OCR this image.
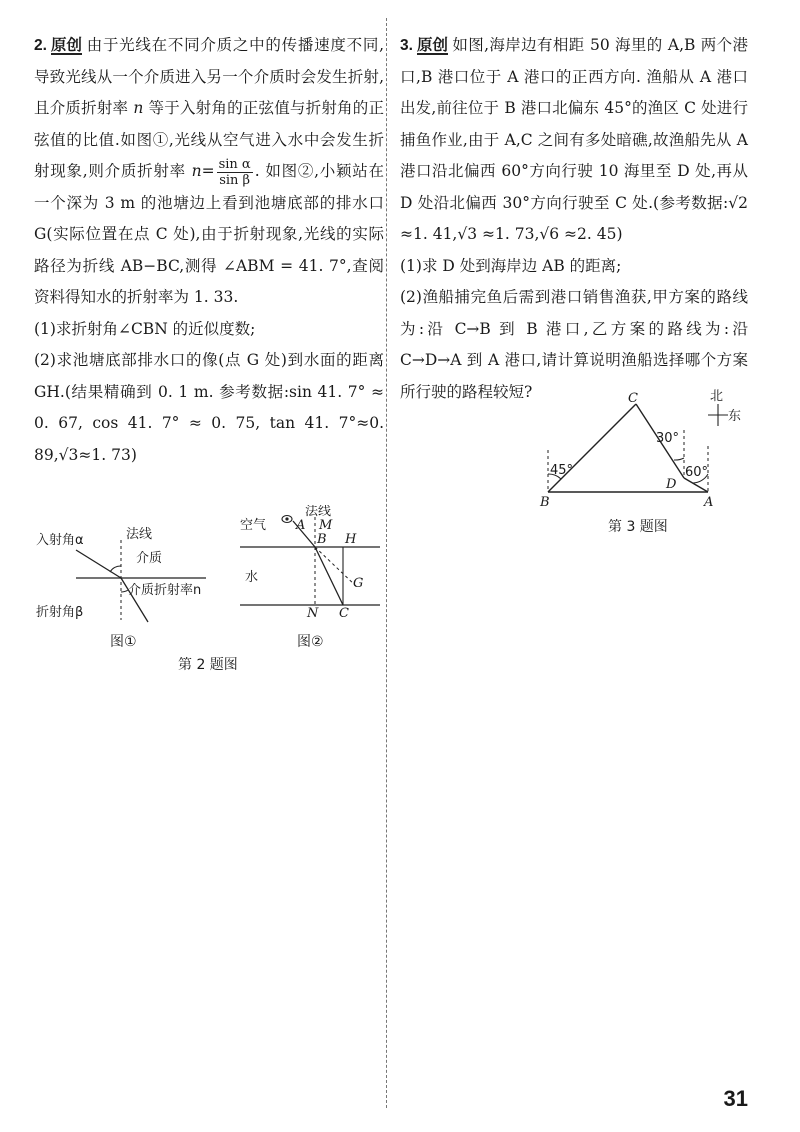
2. 原创 由于光线在不同介质之中的传播速度不同,导致光线从一个介质进入另一个介质时会发生折射,且介质折射率 n 等于入射角的正弦值与折射角的正弦值的比值.如图①,光线从空气进入水中会发生折射现象,则介质折射率 $n= \frac{\text{sin α}}{\text{sin β}}$ . 如图②,小颖站在一个深为 3 m 的池塘边上看到池塘底部的排水口 G(实际位置在点 C 处),由于折射现象,光线的实际路径为折线 AB−BC,测得 ∠ABM = 41. 7°,查阅资料得知水的折射率为 1. 33.

(1)求折射角∠CBN 的近似度数;

(2)求池塘底部排水口的像(点 G 处)到水面的距离 GH.(结果精确到 0. 1 m. 参考数据:sin 41. 7° ≈ 0. 67, cos 41. 7° ≈ 0. 75, tan 41. 7°≈0. 89,√3≈1. 73)

入射角α	法线
介质
介质折射率n
折射角β
图①
空气
法线
A M
B H
水	G
N C
图②
第 2 题图

3. 原创 如图,海岸边有相距 50 海里的 A,B 两个港口,B 港口位于 A 港口的正西方向. 渔船从 A 港口出发,前往位于 B 港口北偏东 45°的渔区 C 处进行捕鱼作业,由于 A,C 之间有多处暗礁,故渔船先从 A 港口沿北偏西 60°方向行驶 10 海里至 D 处,再从 D 处沿北偏西 30°方向行驶至 C 处.(参考数据:√2 ≈1. 41,√3 ≈1. 73,√6 ≈2. 45)

(1)求 D 处到海岸边 AB 的距离;

(2)渔船捕完鱼后需到港口销售渔获,甲方案的路线为:沿 C→B 到 B 港口,乙方案的路线为:沿 C→D→A 到 A 港口,请计算说明渔船选择哪个方案所行驶的路程较短?	C
B	A
D
45°
30°
60°
北
东
第 3 题图
31
